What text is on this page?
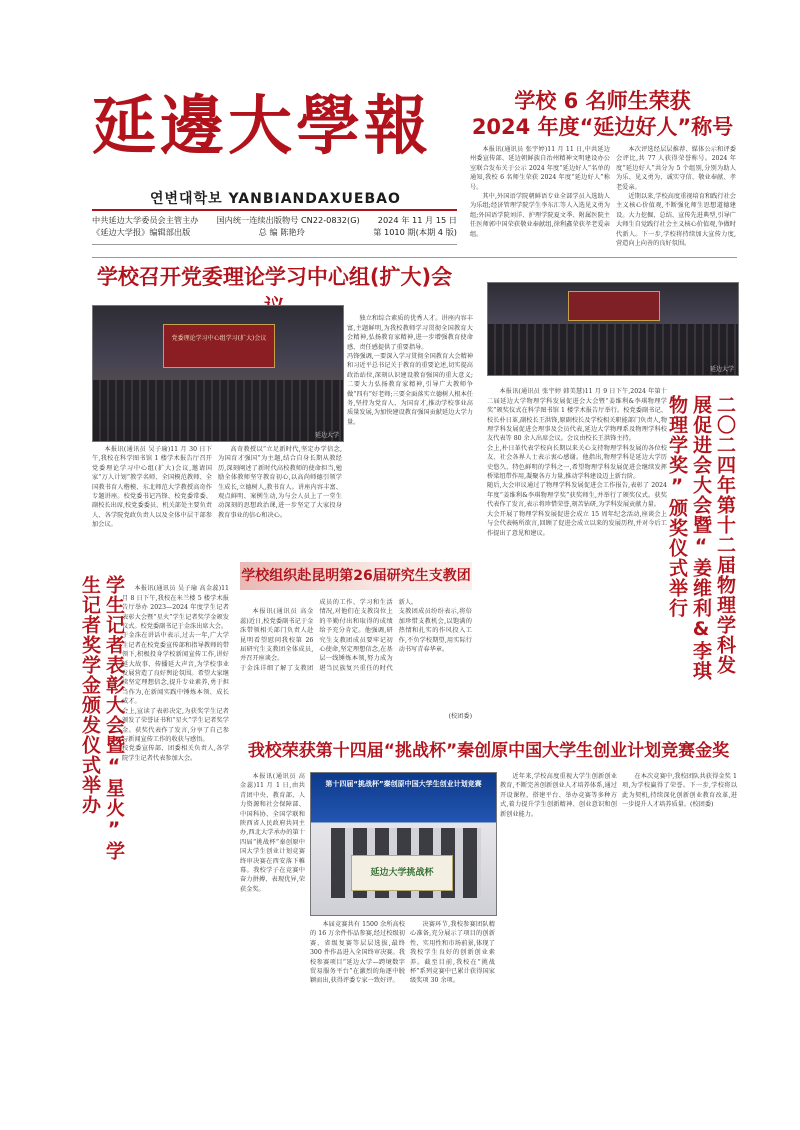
延邊大學報
연변대학보 YANBIANDAXUEBAO
中共延边大学委员会主管主办 国内统一连续出版物号 CN22-0832(G) 2024 年 11 月 15 日
《延边大学报》编辑部出版	总 编 陈艳玲	第 1010 期(本期 4 版)
学校 6 名师生荣获
2024 年度“延边好人”称号

本报讯(通讯员 张宇婷)11 月 11 日,中共延边州委宣传部、延边朝鲜族自治州精神文明建设办公室联合发布关于公示 2024 年度“延边好人”名单的通知,我校 6 名师生荣获 2024 年度“延边好人”称号。

其中,外国语学院朝鲜语专业全部学员入选助人为乐组;经济管理学院学生李东汇等人入选见义勇为组;外国语学院刘洋、护理学院夏文季、附属医院主任医师郭中国荣获敬业奉献组,徐利鑫荣获孝老爱亲组。

本次评选经层层推荐、媒体公示和评委会评比,共 77 人获得荣誉称号。2024 年度“延边好人”共分为 5 个组别,分别为助人为乐、见义勇为、诚实守信、敬业奉献、孝老爱亲。

近期以来,学校高度重视培育和践行社会主义核心价值观,不断强化师生思想道德建设。大力挖掘、总结、宣传先进典型,引导广大师生自觉践行社会主义核心价值观,争做时代新人。下一步,学校将持续加大宣传力度,营造向上向善的良好氛围。

学校召开党委理论学习中心组(扩大)会
党委理论学习中心组学习(扩大)会议
延边大学

本报讯(通讯员 吴子瑜)11 月 30 日下午,我校在科学图书馆 1 楼学术报告厅召开党委理论学习中心组(扩大)会议,邀请国家“万人计划”教学名师、全国模范教师、全国教书育人楷模、东北师范大学教授高奇作专题讲座。校党委书记冯锋、校党委常委、副校长出席,校党委委员、机关部处主要负责人、各学院党政负责人以及全体中层干部参加会议。

高奇教授以“立足新时代,坚定办学信念,为国育才强国”为主题,结合自身长期从教经历,深刻阐述了新时代高校教师的使命担当,勉励全体教师坚守教育初心,以高尚师德引领学生成长,立德树人,教书育人。讲座内容丰富、观点鲜明、案例生动,为与会人员上了一堂生动深刻的思想政治课,进一步坚定了大家投身教育事业的信心和决心。

独立和综合素质的优秀人才。讲座内容丰富,主题鲜明,为我校教师学习贯彻全国教育大会精神,弘扬教育家精神,进一步增强教育使命感、责任感提供了重要指导。
冯锋强调,一要深入学习贯彻全国教育大会精神和习近平总书记关于教育的重要论述,切实提高政治站位,深刻认识建设教育强国的重大意义;二要大力弘扬教育家精神,引导广大教师争做“四有”好老师;三要全面落实立德树人根本任务,坚持为党育人、为国育才,推动学校事业高质量发展,为加快建设教育强国贡献延边大学力量。

延边大学

本报讯(通讯员 张宇婷 韩美慧)11 月 9 日下午,2024 年第十二届延边大学物理学科发展促进会大会暨“姜维利&李琪物理学奖”颁奖仪式在科学图书馆 1 楼学术报告厅举行。校党委副书记、校长朴日革,副校长王洪锋,原副校长及学校相关职能部门负责人,物理学科发展促进会理事及会员代表,延边大学物理系及物理学科校友代表等 80 余人出席会议。会议由校长王洪锋主持。
会上,朴日革代表学校向长期以来关心支持物理学科发展的各位校友、社会各界人士表示衷心感谢。他指出,物理学科是延边大学历史悠久、特色鲜明的学科之一,希望物理学科发展促进会继续发挥桥梁纽带作用,凝聚各方力量,推动学科建设迈上新台阶。
随后,大会审议通过了物理学科发展促进会工作报告,表彰了 2024 年度“姜维利&李琪物理学奖”获奖师生,并举行了颁奖仪式。获奖代表作了发言,表示将珍惜荣誉,刻苦钻研,为学科发展贡献力量。
大会开展了物理学科发展促进会成立 15 周年纪念活动,座谈会上与会代表畅所欲言,回顾了促进会成立以来的发展历程,并对今后工作提出了意见和建议。	二〇二四年第十二届物理学科发展促进会大会暨“姜维利&李琪物理学奖”颁奖仪式举行
学生记者表彰大会暨“星火”学生记者奖学金颁发仪式举办	本报讯(通讯员 吴子瑜 高金蕊)11 月 8 日下午,我校在米兰楼 5 楼学术报告厅举办 2023—2024 年度学生记者表彰大会暨“星火”学生记者奖学金颁发仪式。校党委副书记于金洙出席大会。
于金洙在讲话中表示,过去一年,广大学生记者在校党委宣传部和指导教师的带领下,积极投身学校新闻宣传工作,讲好延大故事、传播延大声音,为学校事业发展营造了良好舆论氛围。希望大家继续坚定理想信念,提升专业素养,勇于担当作为,在新闻实践中锤炼本领、成长成才。
会上,宣读了表彰决定,为获奖学生记者颁发了荣誉证书和“星火”学生记者奖学金。获奖代表作了发言,分享了自己参与新闻宣传工作的收获与感悟。
校党委宣传部、团委相关负责人,各学院学生记者代表参加大会。

学校组织赴昆明第26届研究生支教团

本报讯(通讯员 高金蕊)近日,校党委副书记于金洙带领相关部门负责人赴昆明看望慰问我校第 26 届研究生支教团全体成员,并召开座谈会。
于金洙详细了解了支教团成员的工作、学习和生活情况,对他们在支教岗位上的辛勤付出和取得的成绩给予充分肯定。他强调,研究生支教团成员要牢记初心使命,坚定理想信念,在基层一线锤炼本领,努力成为堪当民族复兴重任的时代新人。
支教团成员纷纷表示,将倍加珍惜支教机会,以饱满的热情和扎实的作风投入工作,不负学校期望,用实际行动书写青春华章。

(校团委)
我校荣获第十四届“挑战杯”秦创原中国大学生创业计划竞赛金奖

本报讯(通讯员 高金蕊)11 月 1 日,由共青团中央、教育部、人力资源和社会保障部、中国科协、全国学联和陕西省人民政府共同主办,西北大学承办的第十四届“挑战杯”秦创原中国大学生创业计划竞赛终审决赛在西安落下帷幕。我校学子在竞赛中奋力拼搏、表现优异,荣获金奖。

第十四届“挑战杯”秦创原中国大学生创业计划竞赛
延边大学挑战杯

本届竞赛共有 1500 余所高校的 16 万余件作品参赛,经过校级初赛、省级复赛等层层选拔,最终 300 件作品进入全国终审决赛。我校参赛项目“延边大学—跨境数字贸易服务平台”在激烈的角逐中脱颖而出,获得评委专家一致好评。

决赛环节,我校参赛团队精心准备,充分展示了项目的创新性、实用性和市场前景,体现了我校学生良好的创新创业素养。截至目前,我校在“挑战杯”系列竞赛中已累计获得国家级奖项 30 余项。

近年来,学校高度重视大学生创新创业教育,不断完善创新创业人才培养体系,通过开设课程、搭建平台、举办竞赛等多种方式,着力提升学生创新精神、创业意识和创新创业能力。

在本次竞赛中,我校团队共获得金奖 1 项,为学校赢得了荣誉。下一步,学校将以此为契机,持续深化创新创业教育改革,进一步提升人才培养质量。(校团委)
